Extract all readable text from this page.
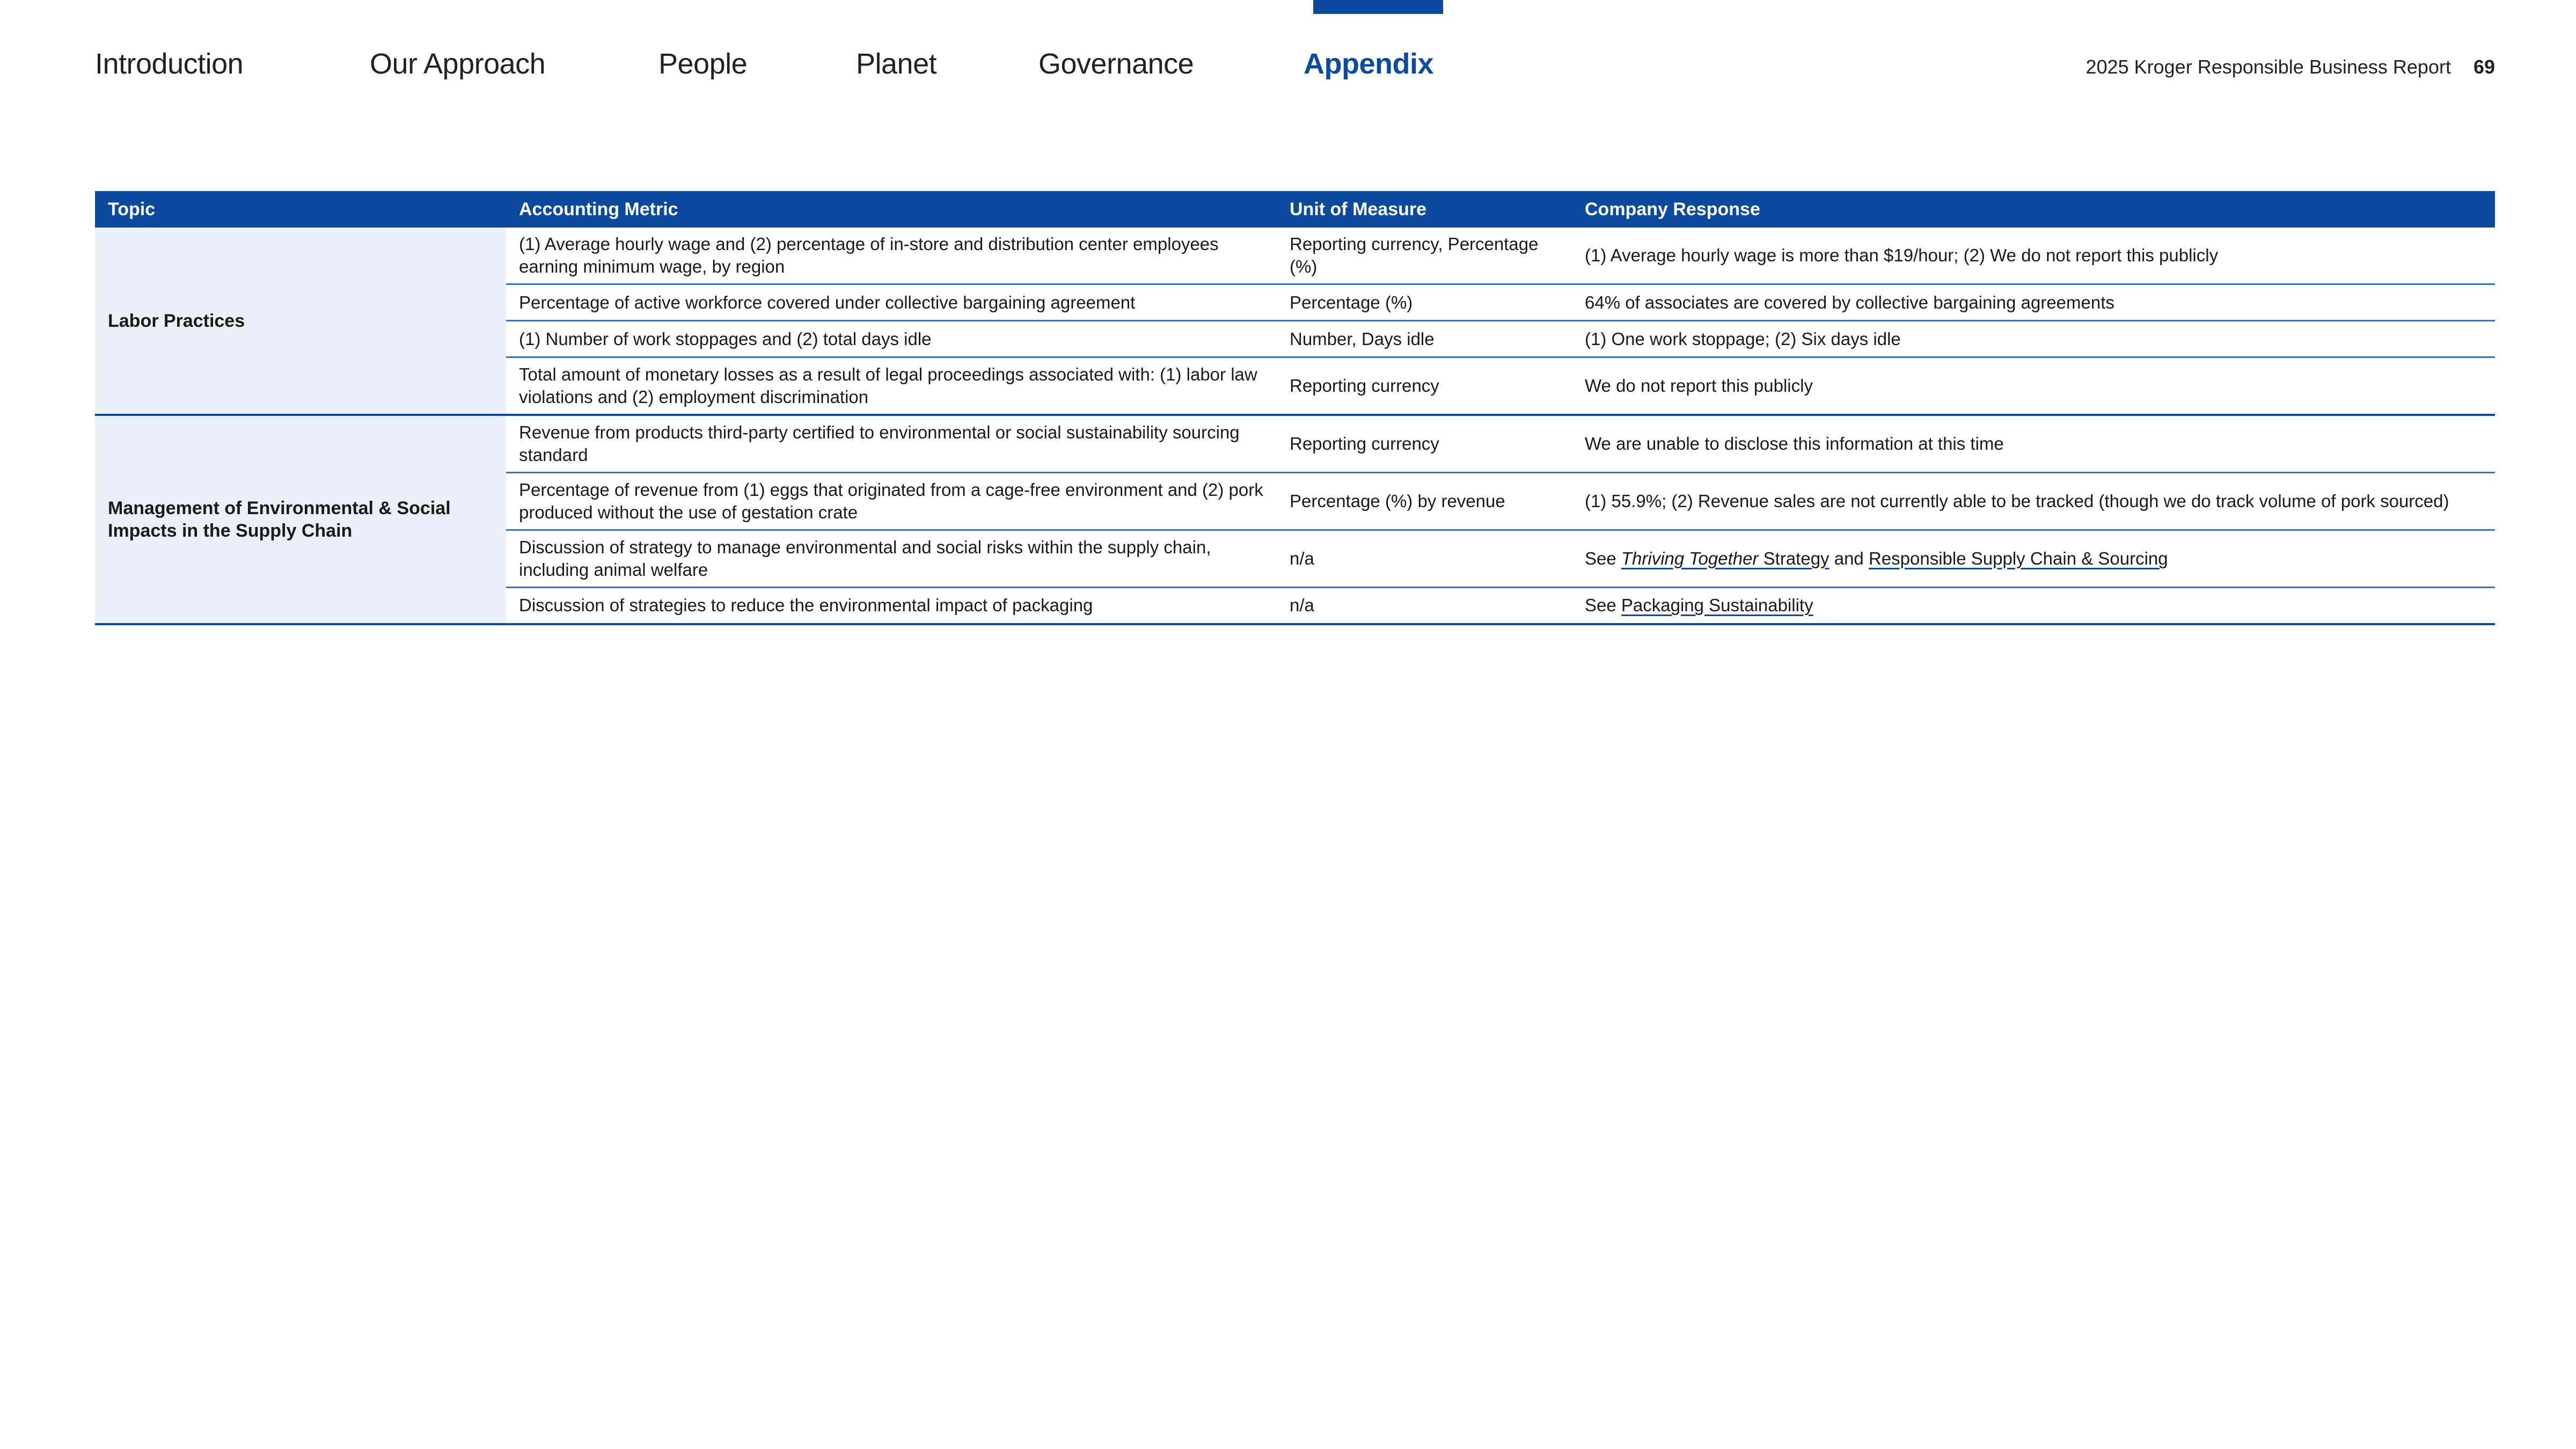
Introduction	Our Approach	People	Planet	Governance	Appendix	2025 Kroger Responsible Business Report 69
Topic	Accounting Metric	Unit of Measure	Company Response
Labor Practices	(1) Average hourly wage and (2) percentage of in-store and distribution center employees earning minimum wage, by region	Reporting currency, Percentage (%)	(1) Average hourly wage is more than $19/hour; (2) We do not report this publicly
	Percentage of active workforce covered under collective bargaining agreement	Percentage (%)	64% of associates are covered by collective bargaining agreements
	(1) Number of work stoppages and (2) total days idle	Number, Days idle	(1) One work stoppage; (2) Six days idle
	Total amount of monetary losses as a result of legal proceedings associated with: (1) labor law violations and (2) employment discrimination	Reporting currency	We do not report this publicly
Management of Environmental & Social Impacts in the Supply Chain	Revenue from products third-party certified to environmental or social sustainability sourcing standard	Reporting currency	We are unable to disclose this information at this time
	Percentage of revenue from (1) eggs that originated from a cage-free environment and (2) pork produced without the use of gestation crate	Percentage (%) by revenue	(1) 55.9%; (2) Revenue sales are not currently able to be tracked (though we do track volume of pork sourced)
	Discussion of strategy to manage environmental and social risks within the supply chain, including animal welfare	n/a	See Thriving Together Strategy and Responsible Supply Chain & Sourcing
	Discussion of strategies to reduce the environmental impact of packaging	n/a	See Packaging Sustainability
